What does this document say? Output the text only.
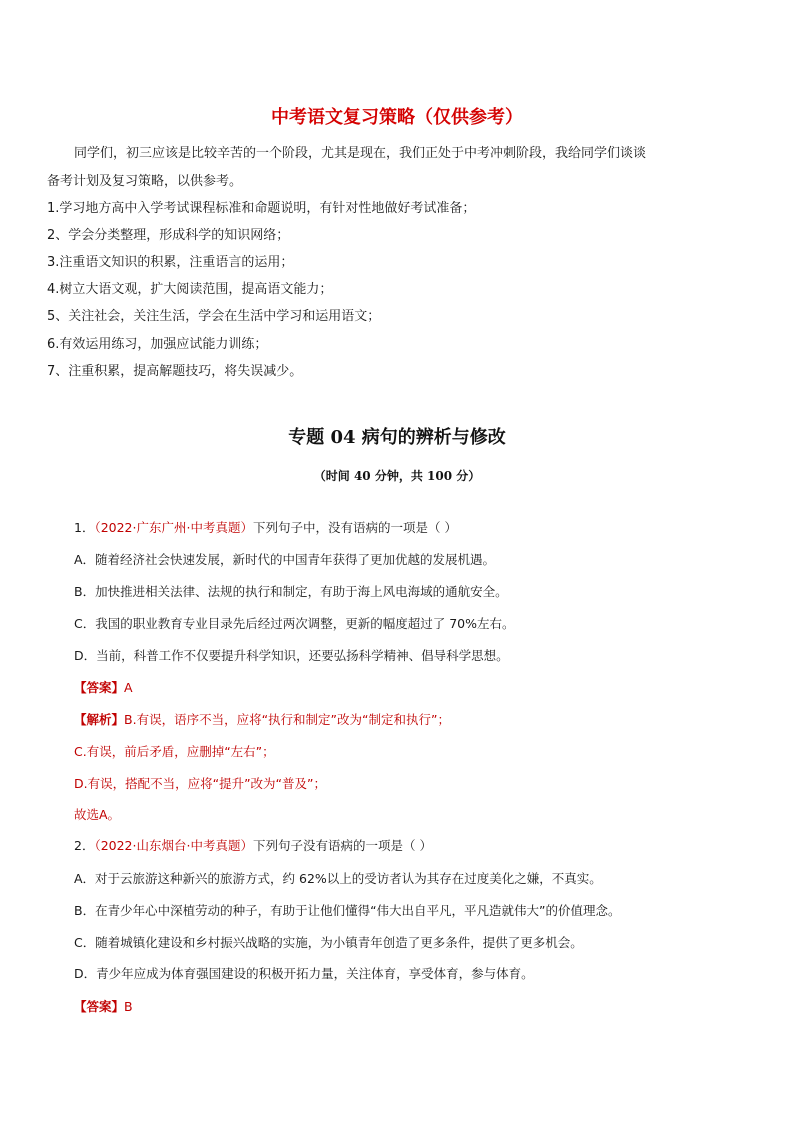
中考语文复习策略（仅供参考）
同学们，初三应该是比较辛苦的一个阶段，尤其是现在，我们正处于中考冲刺阶段，我给同学们谈谈
备考计划及复习策略，以供参考。
1.学习地方高中入学考试课程标准和命题说明，有针对性地做好考试准备；
2、学会分类整理，形成科学的知识网络；
3.注重语文知识的积累，注重语言的运用；
4.树立大语文观，扩大阅读范围，提高语文能力；
5、关注社会，关注生活，学会在生活中学习和运用语文；
6.有效运用练习，加强应试能力训练；
7、注重积累，提高解题技巧，将失误减少。
专题 04 病句的辨析与修改
（时间 40 分钟，共 100 分）
1．（2022·广东广州·中考真题）下列句子中，没有语病的一项是（ ）
A．随着经济社会快速发展，新时代的中国青年获得了更加优越的发展机遇。
B．加快推进相关法律、法规的执行和制定，有助于海上风电海域的通航安全。
C．我国的职业教育专业目录先后经过两次调整，更新的幅度超过了 70%左右。
D．当前，科普工作不仅要提升科学知识，还要弘扬科学精神、倡导科学思想。
【答案】A
【解析】B.有误，语序不当，应将“执行和制定”改为“制定和执行”；
C.有误，前后矛盾，应删掉“左右”；
D.有误，搭配不当，应将“提升”改为“普及”；
故选A。
2．（2022·山东烟台·中考真题）下列句子没有语病的一项是（ ）
A．对于云旅游这种新兴的旅游方式，约 62%以上的受访者认为其存在过度美化之嫌，不真实。
B．在青少年心中深植劳动的种子，有助于让他们懂得“伟大出自平凡，平凡造就伟大”的价值理念。
C．随着城镇化建设和乡村振兴战略的实施，为小镇青年创造了更多条件，提供了更多机会。
D．青少年应成为体育强国建设的积极开拓力量，关注体育，享受体育，参与体育。
【答案】B
